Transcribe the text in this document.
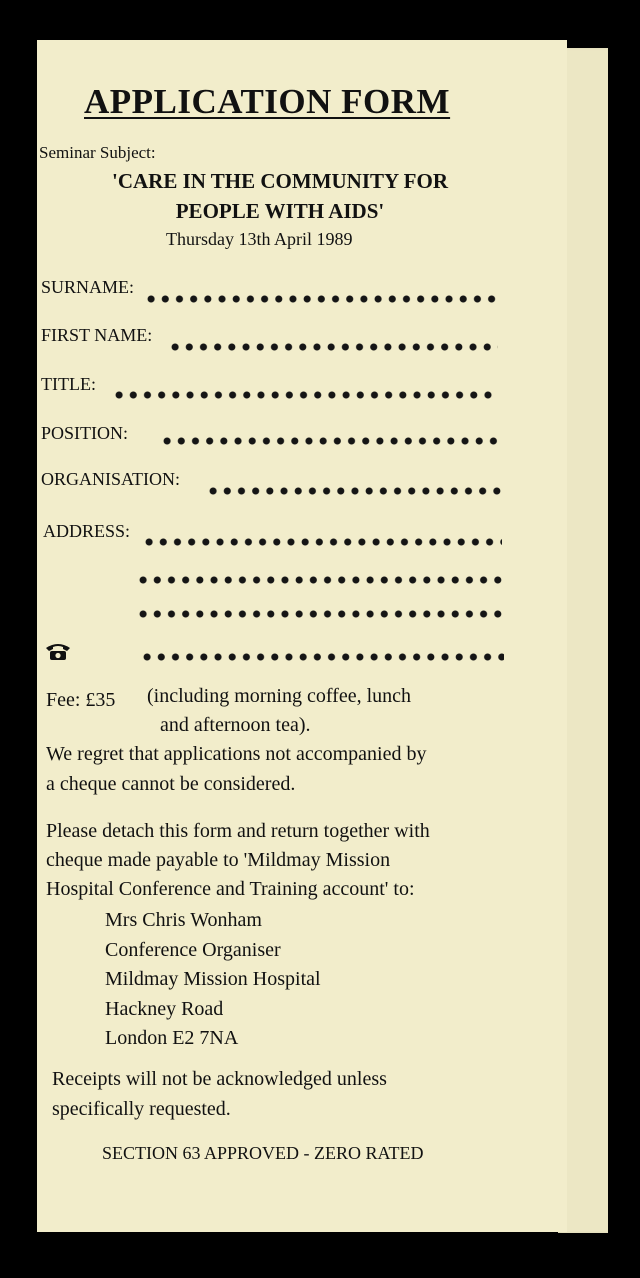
APPLICATION FORM
Seminar Subject:
'CARE IN THE COMMUNITY FOR
PEOPLE WITH AIDS'
Thursday 13th April 1989
SURNAME:
FIRST NAME:
TITLE:
POSITION:
ORGANISATION:
ADDRESS:
Fee: £35 (including morning coffee, lunch
and afternoon tea).
We regret that applications not accompanied by
a cheque cannot be considered.
Please detach this form and return together with
cheque made payable to 'Mildmay Mission
Hospital Conference and Training account' to:
Mrs Chris Wonham
Conference Organiser
Mildmay Mission Hospital
Hackney Road
London E2 7NA
Receipts will not be acknowledged unless
specifically requested.
SECTION 63 APPROVED - ZERO RATED
